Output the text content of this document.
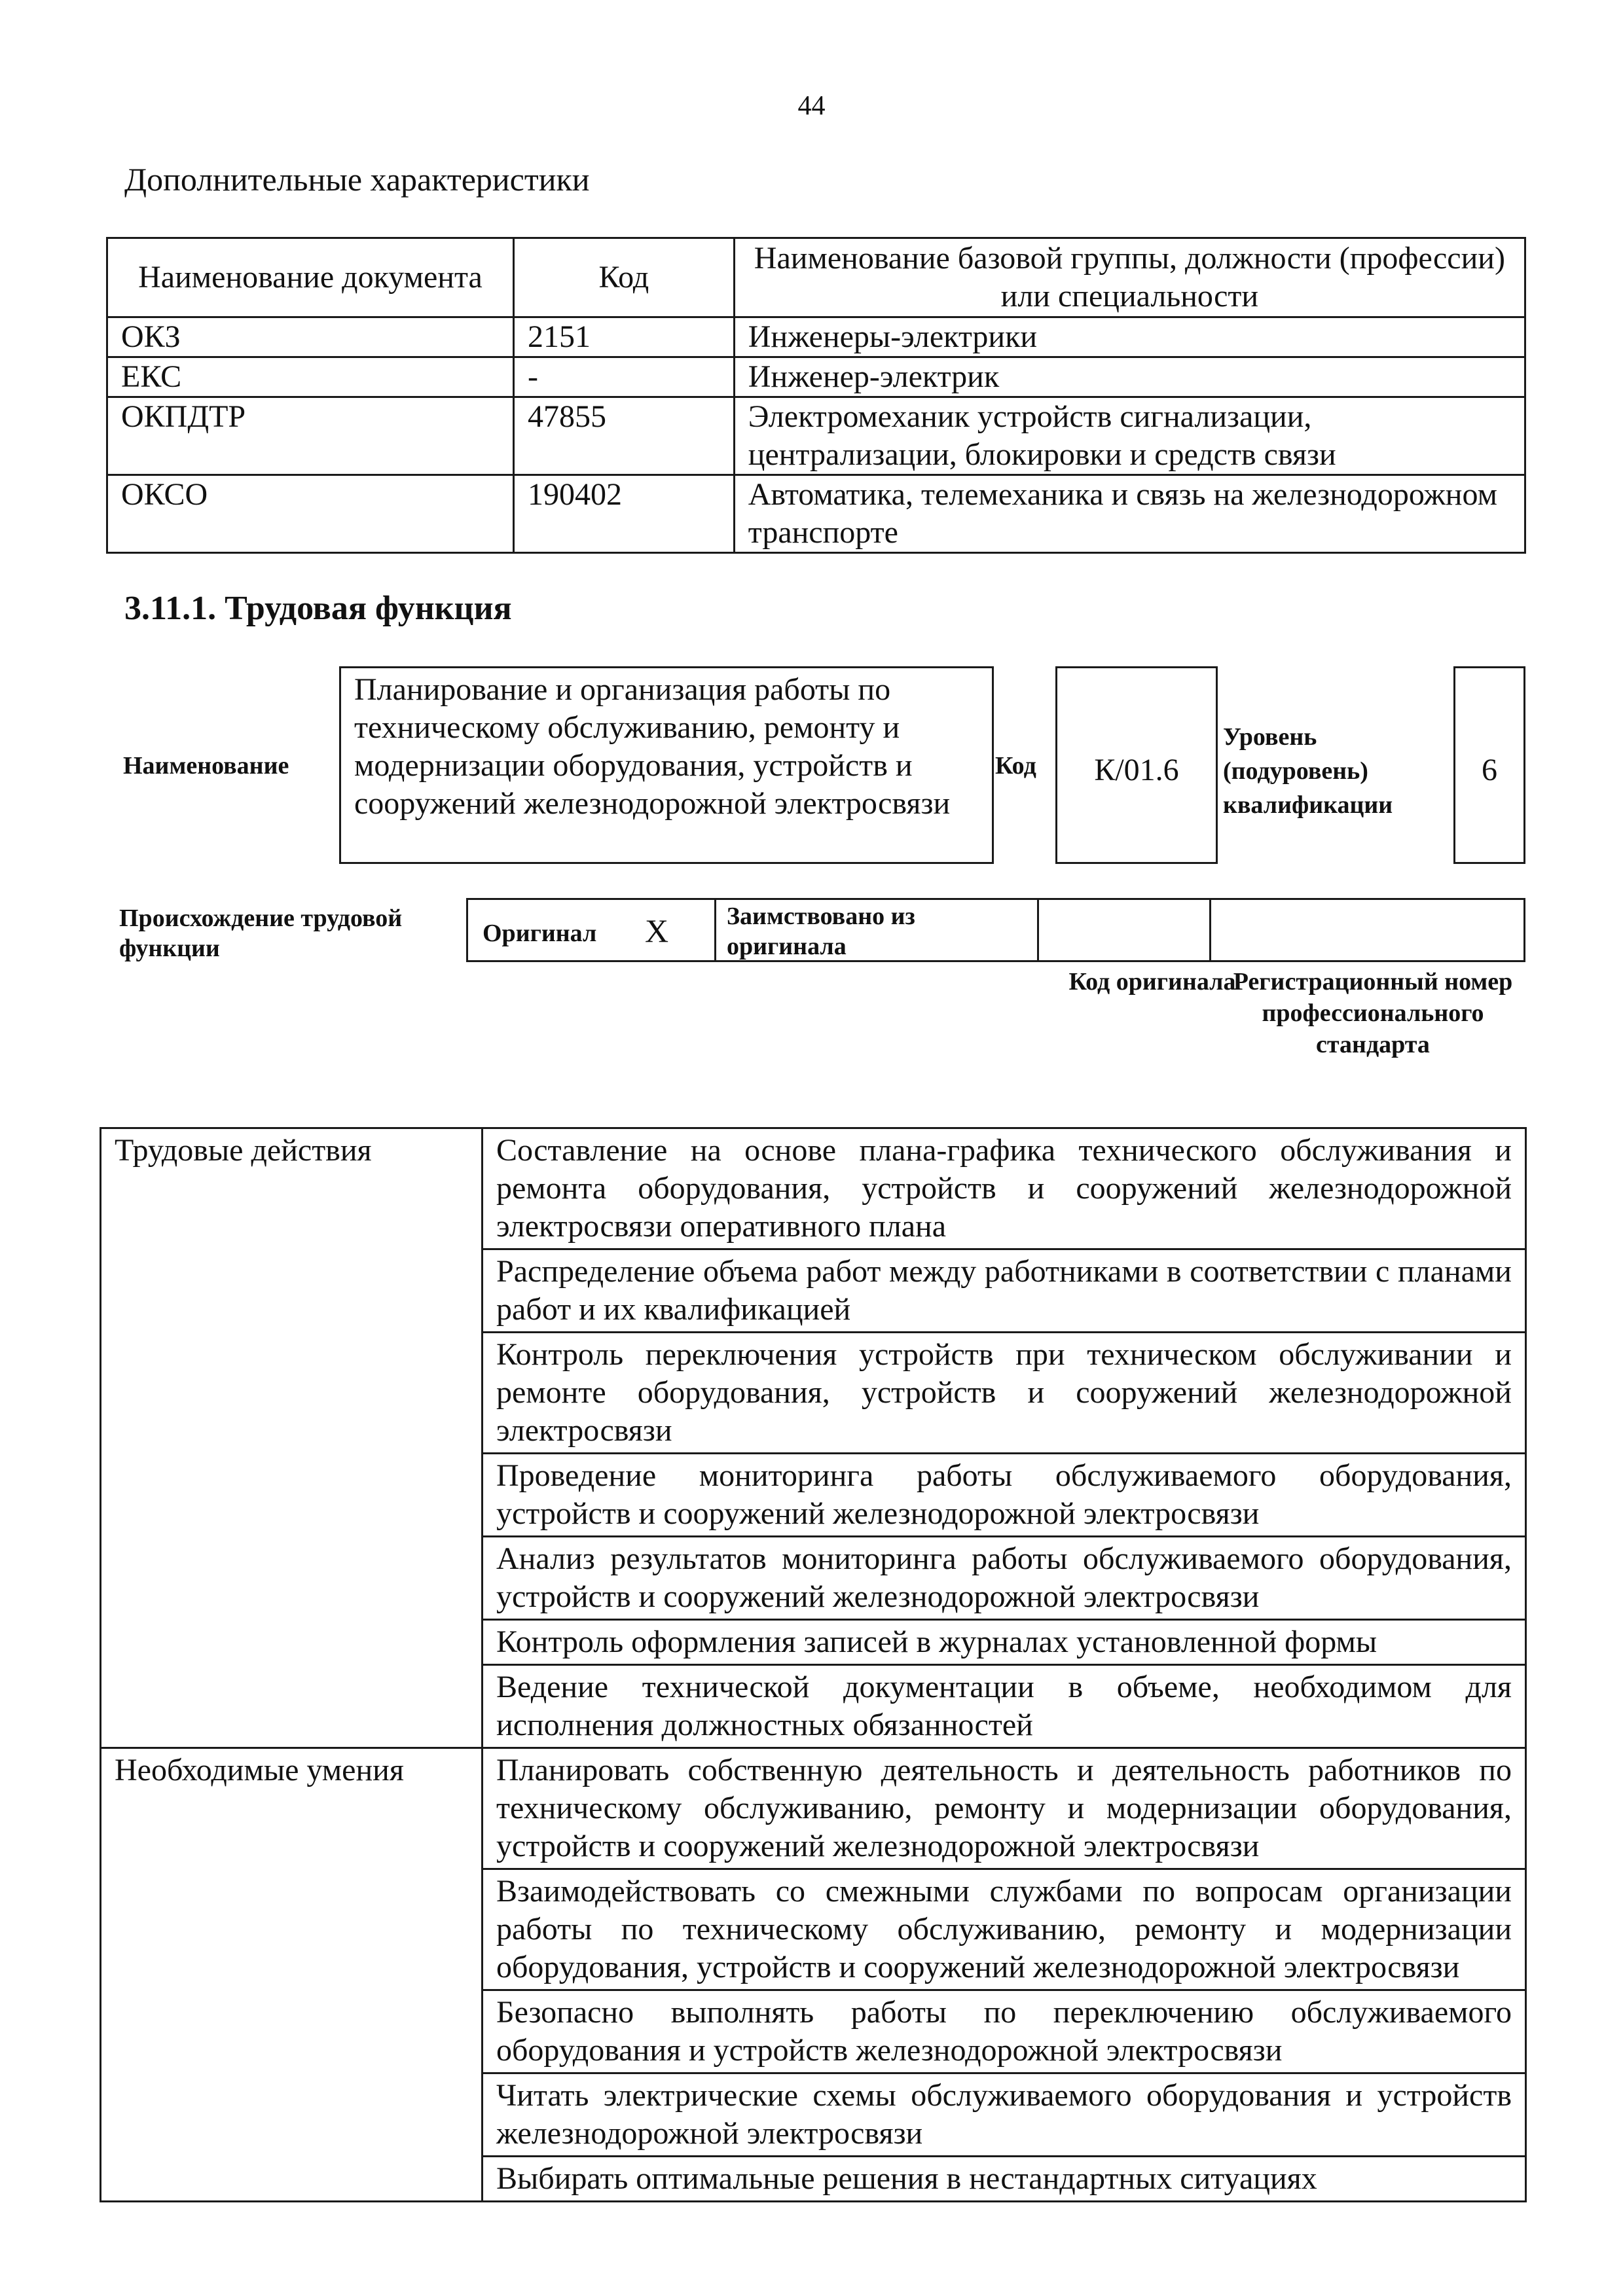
44
Дополнительные характеристики
Наименование документа	Код	Наименование базовой группы, должности (профессии) или специальности
ОКЗ	2151	Инженеры-электрики
ЕКС	-	Инженер-электрик
ОКПДТР	47855	Электромеханик устройств сигнализации, централизации, блокировки и средств связи
ОКСО	190402	Автоматика, телемеханика и связь на железнодорожном транспорте
3.11.1. Трудовая функция
Наименование
Планирование и организация работы по техническому обслуживанию, ремонту и модернизации оборудования, устройств и сооружений железнодорожной электросвязи
Код	К/01.6
Уровень (подуровень) квалификации
6
Происхождение трудовой функции
Оригинал X Заимствовано из оригинала
Код оригинала
Регистрационный номер профессионального стандарта
Трудовые действия	Составление на основе плана-графика технического обслуживания и ремонта оборудования, устройств и сооружений железнодорожной электросвязи оперативного плана
	Распределение объема работ между работниками в соответствии с планами работ и их квалификацией
	Контроль переключения устройств при техническом обслуживании и ремонте оборудования, устройств и сооружений железнодорожной электросвязи
	Проведение мониторинга работы обслуживаемого оборудования, устройств и сооружений железнодорожной электросвязи
	Анализ результатов мониторинга работы обслуживаемого оборудования, устройств и сооружений железнодорожной электросвязи
	Контроль оформления записей в журналах установленной формы
	Ведение технической документации в объеме, необходимом для исполнения должностных обязанностей
Необходимые умения	Планировать собственную деятельность и деятельность работников по техническому обслуживанию, ремонту и модернизации оборудования, устройств и сооружений железнодорожной электросвязи
	Взаимодействовать со смежными службами по вопросам организации работы по техническому обслуживанию, ремонту и модернизации оборудования, устройств и сооружений железнодорожной электросвязи
	Безопасно выполнять работы по переключению обслуживаемого оборудования и устройств железнодорожной электросвязи
	Читать электрические схемы обслуживаемого оборудования и устройств железнодорожной электросвязи
	Выбирать оптимальные решения в нестандартных ситуациях
